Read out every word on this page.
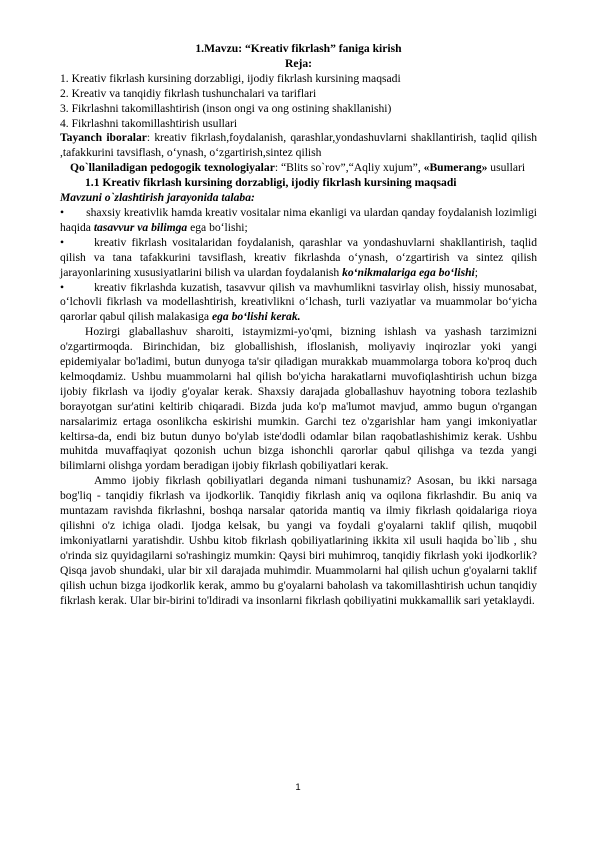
1.Mavzu: “Kreativ fikrlash” faniga kirish

Reja:

1. Kreativ fikrlash kursining dorzabligi, ijodiy fikrlash kursining maqsadi

2. Kreativ va tanqidiy fikrlash tushunchalari va tariflari

3. Fikrlashni takomillashtirish (inson ongi va ong ostining shakllanishi)

4. Fikrlashni takomillashtirish usullari

Tayanch iboralar: kreativ fikrlash,foydalanish, qarashlar,yondashuvlarni shakllantirish, taqlid qilish ,tafakkurini tavsiflash, o‘ynash, o‘zgartirish,sintez qilish

Qo`llaniladigan pedogogik texnologiyalar: “Blits so`rov”,“Aqliy xujum”, «Bumerang» usullari

1.1 Kreativ fikrlash kursining dorzabligi, ijodiy fikrlash kursining maqsadi

Mavzuni o`zlashtirish jarayonida talaba:

• shaxsiy kreativlik hamda kreativ vositalar nima ekanligi va ulardan qanday foydalanish lozimligi haqida tasavvur va bilimga ega bo‘lishi;

•	kreativ fikrlash vositalaridan foydalanish, qarashlar va yondashuvlarni shakllantirish, taqlid qilish va tana tafakkurini tavsiflash, kreativ fikrlashda o‘ynash, o‘zgartirish va sintez qilish jarayonlarining xususiyatlarini bilish va ulardan foydalanish ko‘nikmalariga ega bo‘lishi;

•	kreativ fikrlashda kuzatish, tasavvur qilish va mavhumlikni tasvirlay olish, hissiy munosabat, o‘lchovli fikrlash va modellashtirish, kreativlikni o‘lchash, turli vaziyatlar va muammolar bo‘yicha qarorlar qabul qilish malakasiga ega bo‘lishi kerak.

Hozirgi glaballashuv sharoiti, istaymizmi-yo'qmi, bizning ishlash va yashash tarzimizni o'zgartirmoqda. Birinchidan, biz globallishish, ifloslanish, moliyaviy inqirozlar yoki yangi epidemiyalar bo'ladimi, butun dunyoga ta'sir qiladigan murakkab muammolarga tobora ko'proq duch kelmoqdamiz. Ushbu muammolarni hal qilish bo'yicha harakatlarni muvofiqlashtirish uchun bizga ijobiy fikrlash va ijodiy g'oyalar kerak. Shaxsiy darajada globallashuv hayotning tobora tezlashib borayotgan sur'atini keltirib chiqaradi. Bizda juda ko'p ma'lumot mavjud, ammo bugun o'rgangan narsalarimiz ertaga osonlikcha eskirishi mumkin. Garchi tez o'zgarishlar ham yangi imkoniyatlar keltirsa-da, endi biz butun dunyo bo'ylab iste'dodli odamlar bilan raqobatlashishimiz kerak. Ushbu muhitda muvaffaqiyat qozonish uchun bizga ishonchli qarorlar qabul qilishga va tezda yangi bilimlarni olishga yordam beradigan ijobiy fikrlash qobiliyatlari kerak.

Ammo ijobiy fikrlash qobiliyatlari deganda nimani tushunamiz? Asosan, bu ikki narsaga bog'liq - tanqidiy fikrlash va ijodkorlik. Tanqidiy fikrlash aniq va oqilona fikrlashdir. Bu aniq va muntazam ravishda fikrlashni, boshqa narsalar qatorida mantiq va ilmiy fikrlash qoidalariga rioya qilishni o'z ichiga oladi. Ijodga kelsak, bu yangi va foydali g'oyalarni taklif qilish, muqobil imkoniyatlarni yaratishdir. Ushbu kitob fikrlash qobiliyatlarining ikkita xil usuli haqida bo`lib , shu o'rinda siz quyidagilarni so'rashingiz mumkin: Qaysi biri muhimroq, tanqidiy fikrlash yoki ijodkorlik? Qisqa javob shundaki, ular bir xil darajada muhimdir. Muammolarni hal qilish uchun g'oyalarni taklif qilish uchun bizga ijodkorlik kerak, ammo bu g'oyalarni baholash va takomillashtirish uchun tanqidiy fikrlash kerak. Ular bir-birini to'ldiradi va insonlarni fikrlash qobiliyatini mukkamallik sari yetaklaydi.

1
